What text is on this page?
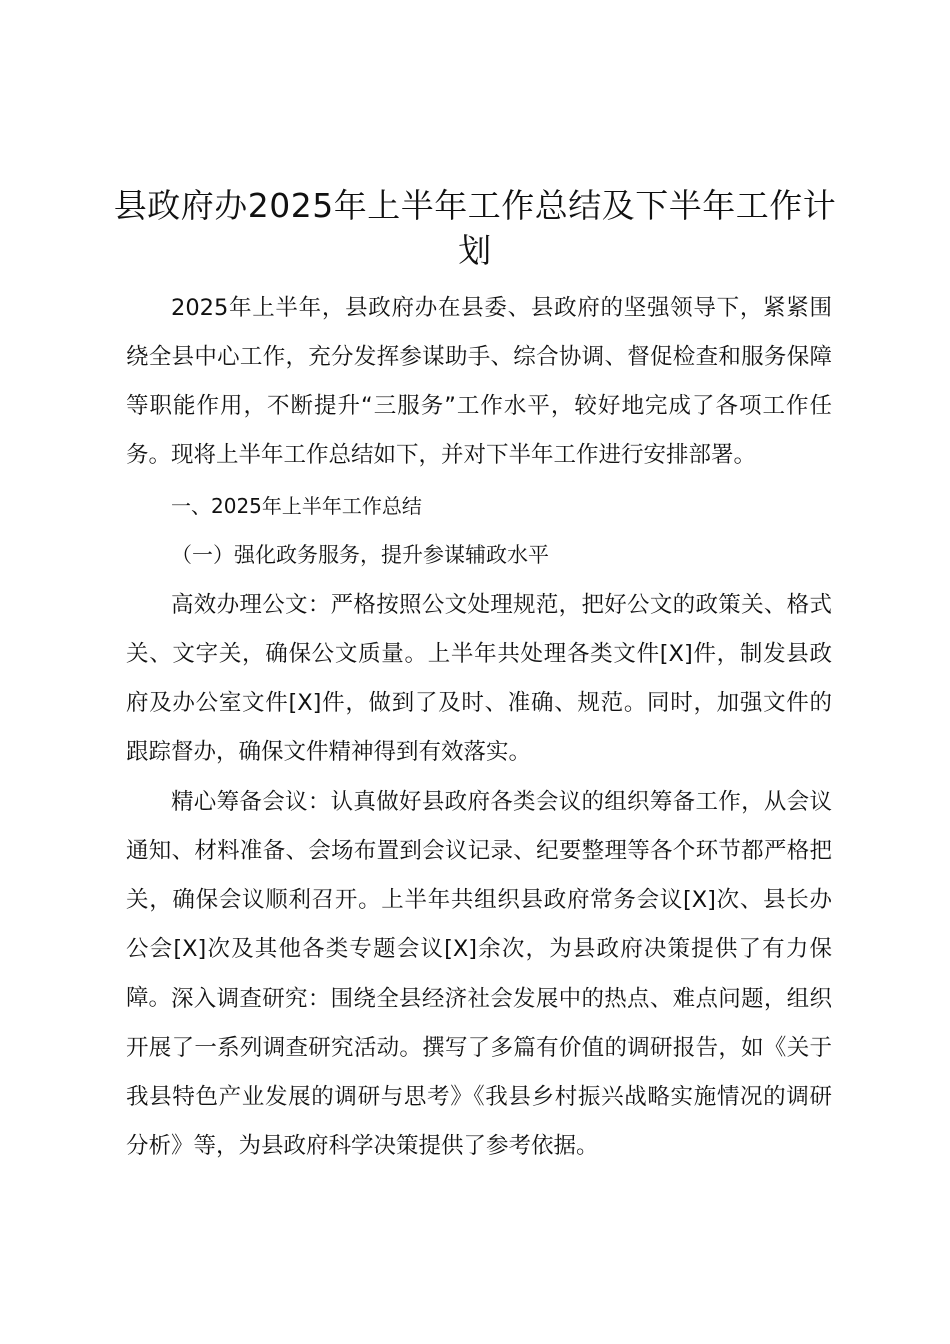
县政府办2025年上半年工作总结及下半年工作计划

2025年上半年，县政府办在县委、县政府的坚强领导下，紧紧围绕全县中心工作，充分发挥参谋助手、综合协调、督促检查和服务保障等职能作用，不断提升“三服务”工作水平，较好地完成了各项工作任务。现将上半年工作总结如下，并对下半年工作进行安排部署。

一、2025年上半年工作总结

（一）强化政务服务，提升参谋辅政水平

高效办理公文：严格按照公文处理规范，把好公文的政策关、格式关、文字关，确保公文质量。上半年共处理各类文件[X]件，制发县政府及办公室文件[X]件，做到了及时、准确、规范。同时，加强文件的跟踪督办，确保文件精神得到有效落实。

精心筹备会议：认真做好县政府各类会议的组织筹备工作，从会议通知、材料准备、会场布置到会议记录、纪要整理等各个环节都严格把关，确保会议顺利召开。上半年共组织县政府常务会议[X]次、县长办公会[X]次及其他各类专题会议[X]余次，为县政府决策提供了有力保障。 深入调查研究：围绕全县经济社会发展中的热点、难点问题，组织开展了一系列调查研究活动。撰写了多篇有价值的调研报告，如《关于我县特色产业发展的调研与思考》《我县乡村振兴战略实施情况的调研分析》等，为县政府科学决策提供了参考依据。
